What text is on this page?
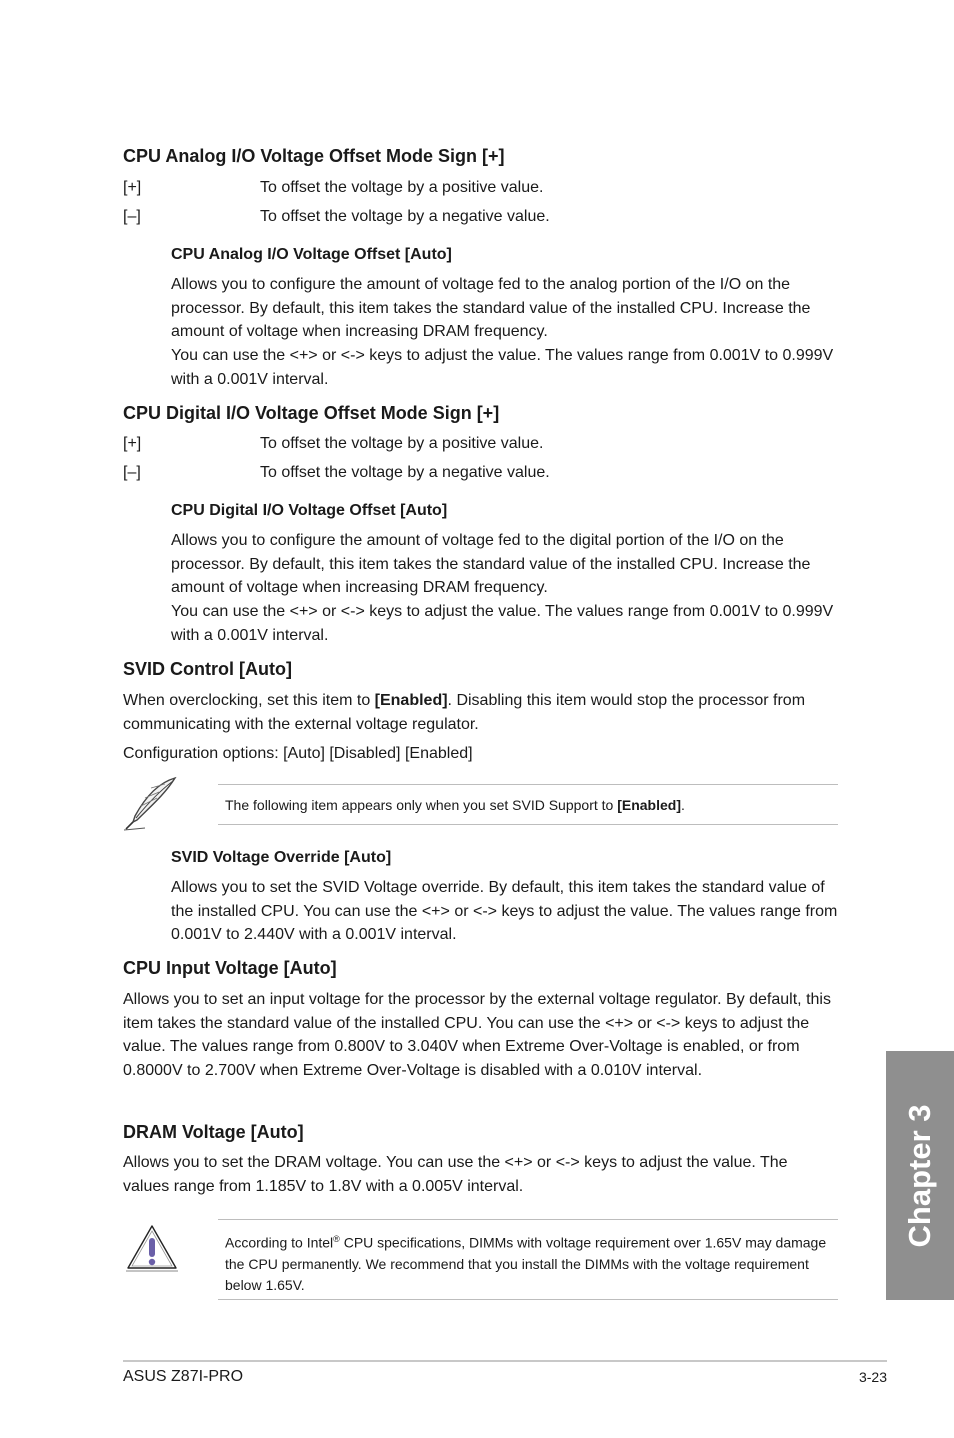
CPU Analog I/O Voltage Offset Mode Sign [+]
[+]	To offset the voltage by a positive value.
[–]	To offset the voltage by a negative value.
CPU Analog I/O Voltage Offset [Auto]
Allows you to configure the amount of voltage fed to the analog portion of the I/O on the processor. By default, this item takes the standard value of the installed CPU. Increase the amount of voltage when increasing DRAM frequency.
You can use the <+> or <-> keys to adjust the value. The values range from 0.001V to 0.999V with a 0.001V interval.
CPU Digital I/O Voltage Offset Mode Sign [+]
[+]	To offset the voltage by a positive value.
[–]	To offset the voltage by a negative value.
CPU Digital I/O Voltage Offset [Auto]
Allows you to configure the amount of voltage fed to the digital portion of the I/O on the processor. By default, this item takes the standard value of the installed CPU. Increase the amount of voltage when increasing DRAM frequency.
You can use the <+> or <-> keys to adjust the value. The values range from 0.001V to 0.999V with a 0.001V interval.
SVID Control [Auto]
When overclocking, set this item to [Enabled]. Disabling this item would stop the processor from communicating with the external voltage regulator.
Configuration options: [Auto] [Disabled] [Enabled]
The following item appears only when you set SVID Support to [Enabled].
SVID Voltage Override [Auto]
Allows you to set the SVID Voltage override. By default, this item takes the standard value of the installed CPU. You can use the <+> or <-> keys to adjust the value. The values range from 0.001V to 2.440V with a 0.001V interval.
CPU Input Voltage [Auto]
Allows you to set an input voltage for the processor by the external voltage regulator. By default, this item takes the standard value of the installed CPU. You can use the <+> or <-> keys to adjust the value. The values range from 0.800V to 3.040V when Extreme Over-Voltage is enabled, or from 0.8000V to 2.700V when Extreme Over-Voltage is disabled with a 0.010V interval.
DRAM Voltage [Auto]
Allows you to set the DRAM voltage. You can use the <+> or <-> keys to adjust the value. The values range from 1.185V to 1.8V with a 0.005V interval.
According to Intel® CPU specifications, DIMMs with voltage requirement over 1.65V may damage the CPU permanently. We recommend that you install the DIMMs with the voltage requirement below 1.65V.
Chapter 3
ASUS Z87I-PRO	3-23
